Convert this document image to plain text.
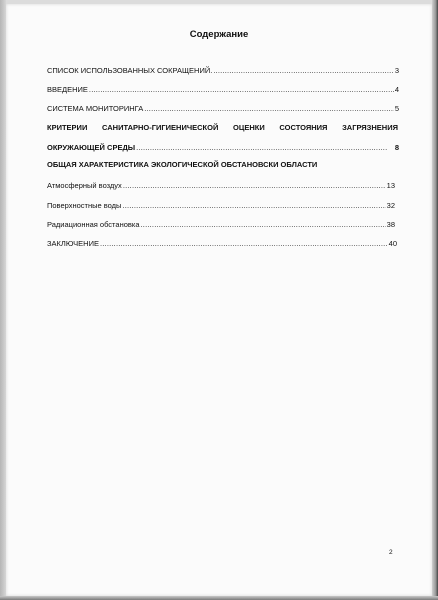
Содержание
СПИСОК ИСПОЛЬЗОВАННЫХ СОКРАЩЕНИЙ. .....	3
ВВЕДЕНИЕ .....	4
СИСТЕМА МОНИТОРИНГА .....	5
КРИТЕРИИ САНИТАРНО-ГИГИЕНИЧЕСКОЙ ОЦЕНКИ СОСТОЯНИЯ ЗАГРЯЗНЕНИЯ
ОКРУЖАЮЩЕЙ СРЕДЫ .....	8
ОБЩАЯ ХАРАКТЕРИСТИКА ЭКОЛОГИЧЕСКОЙ ОБСТАНОВСКИ ОБЛАСТИ
Атмосферный воздух .....	13
Поверхностные воды .....	32
Радиационная обстановка .....	38
ЗАКЛЮЧЕНИЕ .....	40
2
